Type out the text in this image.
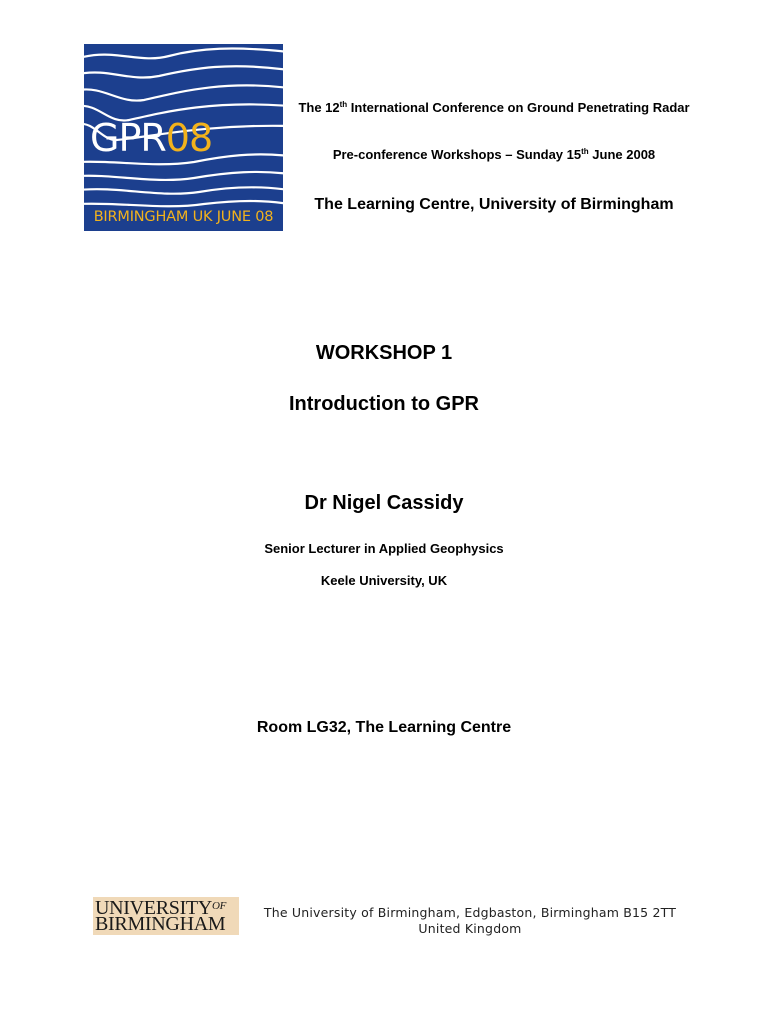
GPR08
BIRMINGHAM UK JUNE 08
The 12th International Conference on Ground Penetrating Radar
Pre-conference Workshops – Sunday 15th June 2008
The Learning Centre, University of Birmingham
WORKSHOP 1
Introduction to GPR
Dr Nigel Cassidy
Senior Lecturer in Applied Geophysics
Keele University, UK
Room LG32, The Learning Centre
$UNIVERSITY^{OF}$
BIRMINGHAM
The University of Birmingham, Edgbaston, Birmingham B15 2TT
United Kingdom
